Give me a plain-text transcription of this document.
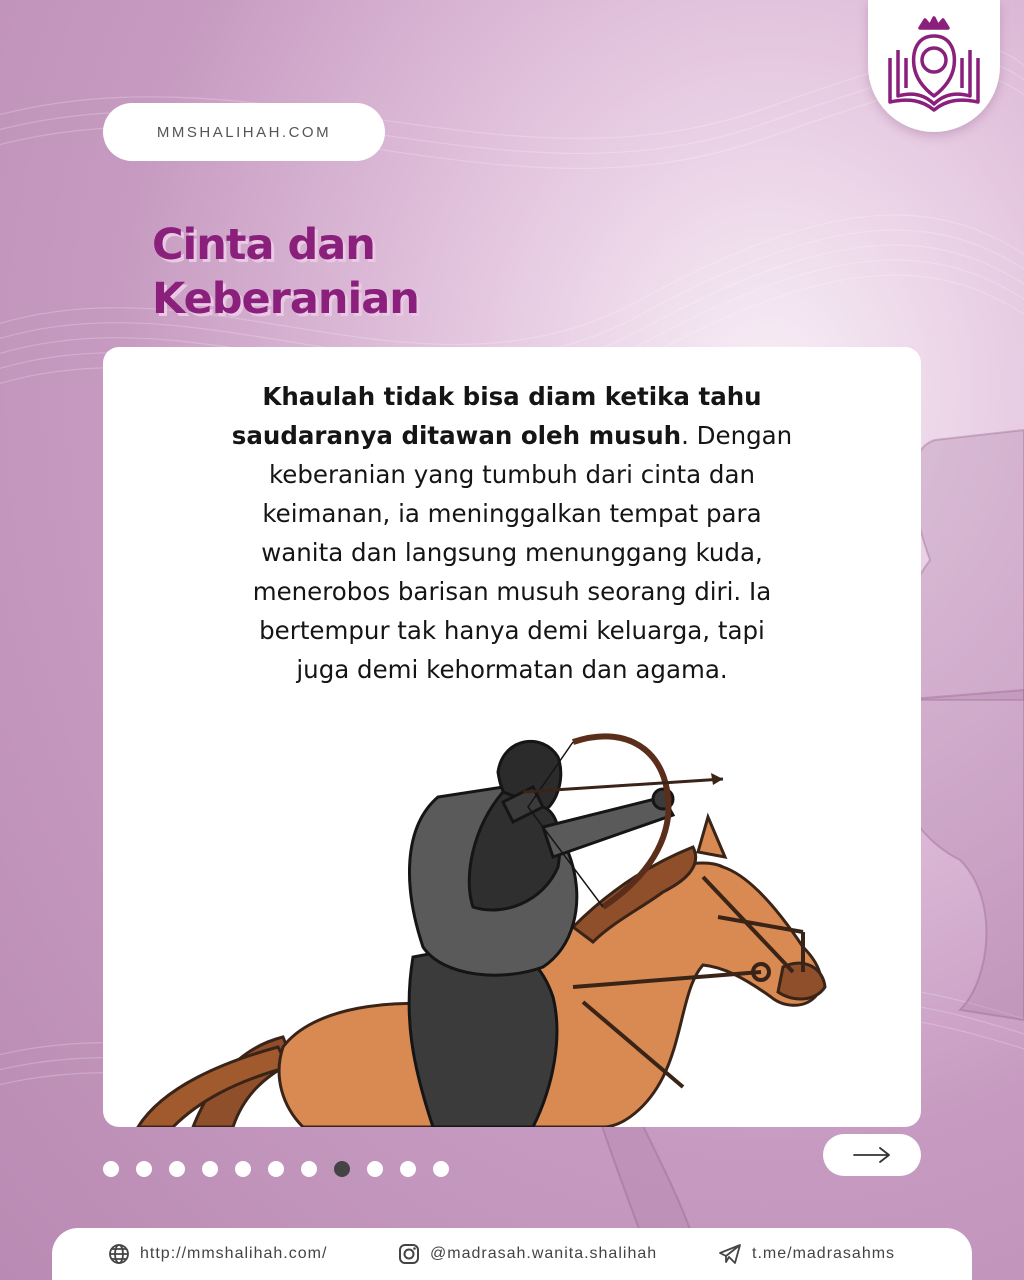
MMSHALIHAH.COM
Cinta dan
Keberanian
Khaulah tidak bisa diam ketika tahu
saudaranya ditawan oleh musuh. Dengan
keberanian yang tumbuh dari cinta dan
keimanan, ia meninggalkan tempat para
wanita dan langsung menunggang kuda,
menerobos barisan musuh seorang diri. Ia
bertempur tak hanya demi keluarga, tapi
juga demi kehormatan dan agama.
http://mmshalihah.com/	@madrasah.wanita.shalihah	t.me/madrasahms
